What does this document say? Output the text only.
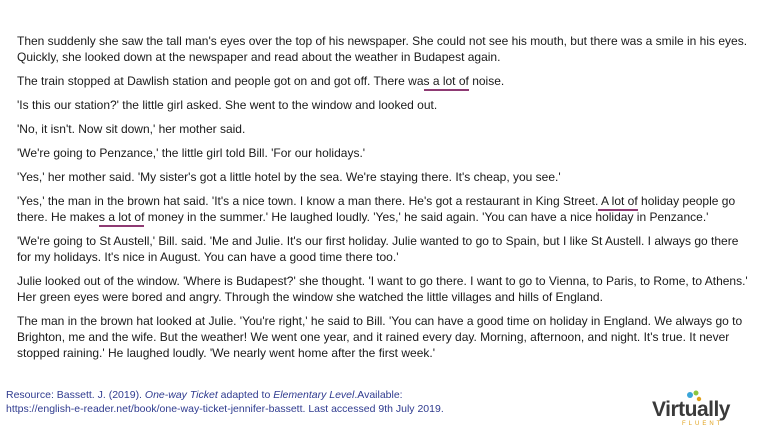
Then suddenly she saw the tall man's eyes over the top of his newspaper. She could not see his mouth, but there was a smile in his eyes. Quickly, she looked down at the newspaper and read about the weather in Budapest again.

The train stopped at Dawlish station and people got on and got off. There was a lot of noise.

'Is this our station?' the little girl asked. She went to the window and looked out.

'No, it isn't. Now sit down,' her mother said.

'We're going to Penzance,' the little girl told Bill. 'For our holidays.'

'Yes,' her mother said. 'My sister's got a little hotel by the sea. We're staying there. It's cheap, you see.'

'Yes,' the man in the brown hat said. 'It's a nice town. I know a man there. He's got a restaurant in King Street. A lot of holiday people go there. He makes a lot of money in the summer.' He laughed loudly. 'Yes,' he said again. 'You can have a nice holiday in Penzance.'

'We're going to St Austell,' Bill. said. 'Me and Julie. It's our first holiday. Julie wanted to go to Spain, but I like St Austell. I always go there for my holidays. It's nice in August. You can have a good time there too.'

Julie looked out of the window. 'Where is Budapest?' she thought. 'I want to go there. I want to go to Vienna, to Paris, to Rome, to Athens.' Her green eyes were bored and angry. Through the window she watched the little villages and hills of England.

The man in the brown hat looked at Julie. 'You're right,' he said to Bill. 'You can have a good time on holiday in England. We always go to Brighton, me and the wife. But the weather! We went one year, and it rained every day. Morning, afternoon, and night. It's true. It never stopped raining.' He laughed loudly. 'We nearly went home after the first week.'

Resource: Bassett. J. (2019). One-way Ticket adapted to Elementary Level.Available:
https://english-e-reader.net/book/one-way-ticket-jennifer-bassett. Last accessed 9th July 2019.	Virtually
FLUENT
